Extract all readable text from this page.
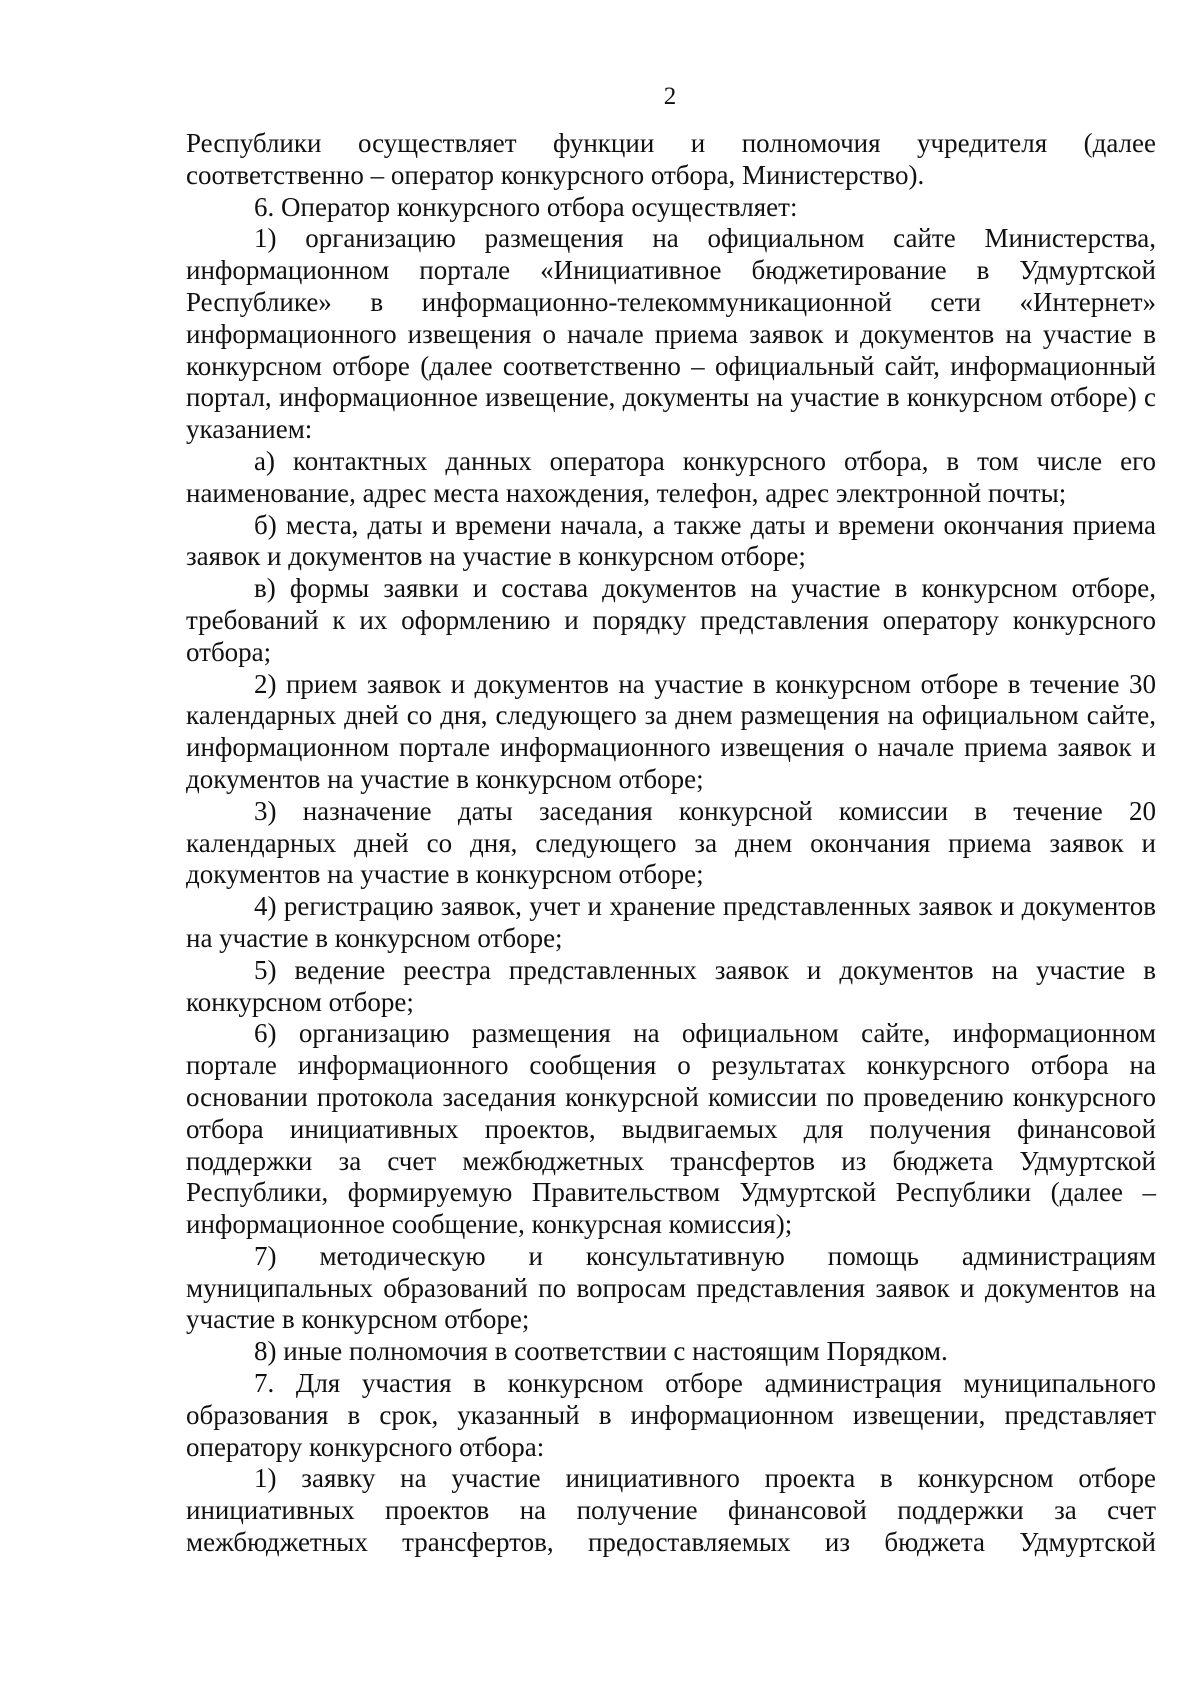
2

Республики осуществляет функции и полномочия учредителя (далее соответственно – оператор конкурсного отбора, Министерство).

6. Оператор конкурсного отбора осуществляет:

1) организацию размещения на официальном сайте Министерства, информационном портале «Инициативное бюджетирование в Удмуртской Республике» в информационно-телекоммуникационной сети «Интернет» информационного извещения о начале приема заявок и документов на участие в конкурсном отборе (далее соответственно – официальный сайт, информационный портал, информационное извещение, документы на участие в конкурсном отборе) с указанием:

а) контактных данных оператора конкурсного отбора, в том числе его наименование, адрес места нахождения, телефон, адрес электронной почты;

б) места, даты и времени начала, а также даты и времени окончания приема заявок и документов на участие в конкурсном отборе;

в) формы заявки и состава документов на участие в конкурсном отборе, требований к их оформлению и порядку представления оператору конкурсного отбора;

2) прием заявок и документов на участие в конкурсном отборе в течение 30 календарных дней со дня, следующего за днем размещения на официальном сайте, информационном портале информационного извещения о начале приема заявок и документов на участие в конкурсном отборе;

3) назначение даты заседания конкурсной комиссии в течение 20 календарных дней со дня, следующего за днем окончания приема заявок и документов на участие в конкурсном отборе;

4) регистрацию заявок, учет и хранение представленных заявок и документов на участие в конкурсном отборе;

5) ведение реестра представленных заявок и документов на участие в конкурсном отборе;

6) организацию размещения на официальном сайте, информационном портале информационного сообщения о результатах конкурсного отбора на основании протокола заседания конкурсной комиссии по проведению конкурсного отбора инициативных проектов, выдвигаемых для получения финансовой поддержки за счет межбюджетных трансфертов из бюджета Удмуртской Республики, формируемую Правительством Удмуртской Республики (далее – информационное сообщение, конкурсная комиссия);

7) методическую и консультативную помощь администрациям муниципальных образований по вопросам представления заявок и документов на участие в конкурсном отборе;

8) иные полномочия в соответствии с настоящим Порядком.

7. Для участия в конкурсном отборе администрация муниципального образования в срок, указанный в информационном извещении, представляет оператору конкурсного отбора:

1) заявку на участие инициативного проекта в конкурсном отборе инициативных проектов на получение финансовой поддержки за счет межбюджетных трансфертов, предоставляемых из бюджета Удмуртской
